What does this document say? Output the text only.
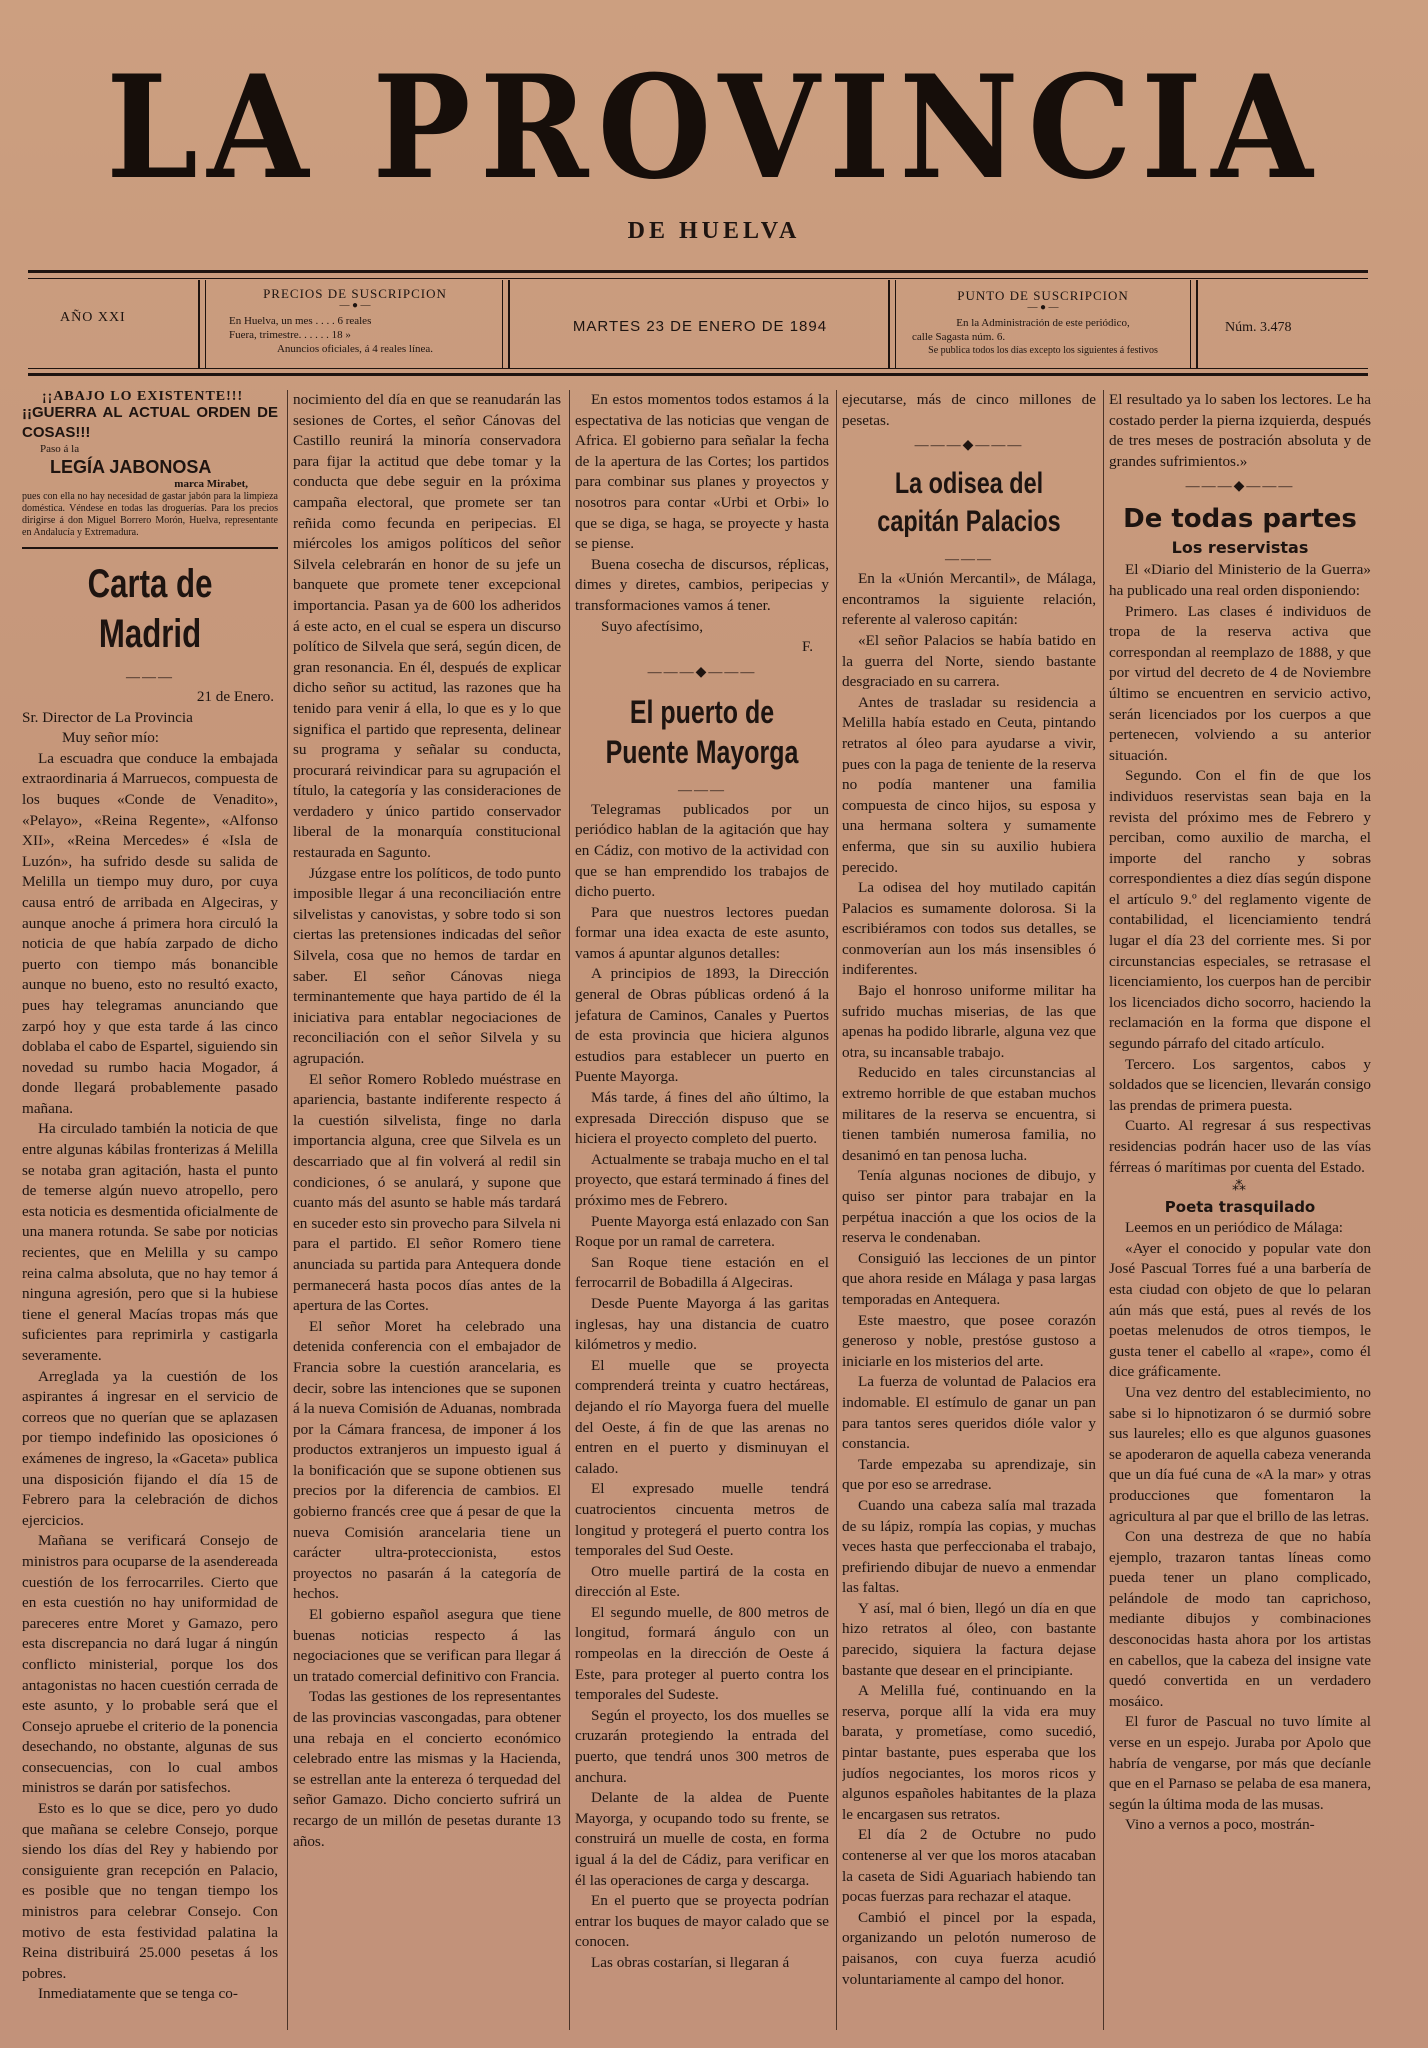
LA PROVINCIA
DE HUELVA
AÑO XXI
PRECIOS DE SUSCRIPCION
— ● —
En Huelva, un mes . . . . 6 reales
Fuera, trimestre. . . . . . 18 »
Anuncios oficiales, á 4 reales línea.
MARTES 23 DE ENERO DE 1894
PUNTO DE SUSCRIPCION
— ● —
En la Administración de este periódico,
calle Sagasta núm. 6.
Se publica todos los días excepto los siguientes á festivos
Núm. 3.478
¡¡ABAJO LO EXISTENTE!!!
¡¡GUERRA AL ACTUAL ORDEN DE COSAS!!!
Paso á la
LEGÍA JABONOSA
marca Mirabet,
pues con ella no hay necesidad de gastar jabón para la limpieza doméstica. Véndese en todas las droguerías. Para los precios dirigirse á don Miguel Borrero Morón, Huelva, representante en Andalucía y Extremadura.
Carta de Madrid
———

21 de Enero.

Sr. Director de La Provincia

Muy señor mío:

La escuadra que conduce la embajada extraordinaria á Marruecos, compuesta de los buques «Conde de Venadito», «Pelayo», «Reina Regente», «Alfonso XII», «Reina Mercedes» é «Isla de Luzón», ha sufrido desde su salida de Melilla un tiempo muy duro, por cuya causa entró de arribada en Algeciras, y aunque anoche á primera hora circuló la noticia de que había zarpado de dicho puerto con tiempo más bonancible aunque no bueno, esto no resultó exacto, pues hay telegramas anunciando que zarpó hoy y que esta tarde á las cinco doblaba el cabo de Espartel, siguiendo sin novedad su rumbo hacia Mogador, á donde llegará probablemente pasado mañana.

Ha circulado también la noticia de que entre algunas kábilas fronterizas á Melilla se notaba gran agitación, hasta el punto de temerse algún nuevo atropello, pero esta noticia es desmentida oficialmente de una manera rotunda. Se sabe por noticias recientes, que en Melilla y su campo reina calma absoluta, que no hay temor á ninguna agresión, pero que si la hubiese tiene el general Macías tropas más que suficientes para reprimirla y castigarla severamente.

Arreglada ya la cuestión de los aspirantes á ingresar en el servicio de correos que no querían que se aplazasen por tiempo indefinido las oposiciones ó exámenes de ingreso, la «Gaceta» publica una disposición fijando el día 15 de Febrero para la celebración de dichos ejercicios.

Mañana se verificará Consejo de ministros para ocuparse de la asendereada cuestión de los ferrocarriles. Cierto que en esta cuestión no hay uniformidad de pareceres entre Moret y Gamazo, pero esta discrepancia no dará lugar á ningún conflicto ministerial, porque los dos antagonistas no hacen cuestión cerrada de este asunto, y lo probable será que el Consejo apruebe el criterio de la ponencia desechando, no obstante, algunas de sus consecuencias, con lo cual ambos ministros se darán por satisfechos.

Esto es lo que se dice, pero yo dudo que mañana se celebre Consejo, porque siendo los días del Rey y habiendo por consiguiente gran recepción en Palacio, es posible que no tengan tiempo los ministros para celebrar Consejo. Con motivo de esta festividad palatina la Reina distribuirá 25.000 pesetas á los pobres.

Inmediatamente que se tenga co-

nocimiento del día en que se reanudarán las sesiones de Cortes, el señor Cánovas del Castillo reunirá la minoría conservadora para fijar la actitud que debe tomar y la conducta que debe seguir en la próxima campaña electoral, que promete ser tan reñida como fecunda en peripecias. El miércoles los amigos políticos del señor Silvela celebrarán en honor de su jefe un banquete que promete tener excepcional importancia. Pasan ya de 600 los adheridos á este acto, en el cual se espera un discurso político de Silvela que será, según dicen, de gran resonancia. En él, después de explicar dicho señor su actitud, las razones que ha tenido para venir á ella, lo que es y lo que significa el partido que representa, delinear su programa y señalar su conducta, procurará reivindicar para su agrupación el título, la categoría y las consideraciones de verdadero y único partido conservador liberal de la monarquía constitucional restaurada en Sagunto.

Júzgase entre los políticos, de todo punto imposible llegar á una reconciliación entre silvelistas y canovistas, y sobre todo si son ciertas las pretensiones indicadas del señor Silvela, cosa que no hemos de tardar en saber. El señor Cánovas niega terminantemente que haya partido de él la iniciativa para entablar negociaciones de reconciliación con el señor Silvela y su agrupación.

El señor Romero Robledo muéstrase en apariencia, bastante indiferente respecto á la cuestión silvelista, finge no darla importancia alguna, cree que Silvela es un descarriado que al fin volverá al redil sin condiciones, ó se anulará, y supone que cuanto más del asunto se hable más tardará en suceder esto sin provecho para Silvela ni para el partido. El señor Romero tiene anunciada su partida para Antequera donde permanecerá hasta pocos días antes de la apertura de las Cortes.

El señor Moret ha celebrado una detenida conferencia con el embajador de Francia sobre la cuestión arancelaria, es decir, sobre las intenciones que se suponen á la nueva Comisión de Aduanas, nombrada por la Cámara francesa, de imponer á los productos extranjeros un impuesto igual á la bonificación que se supone obtienen sus precios por la diferencia de cambios. El gobierno francés cree que á pesar de que la nueva Comisión arancelaria tiene un carácter ultra-proteccionista, estos proyectos no pasarán á la categoría de hechos.

El gobierno español asegura que tiene buenas noticias respecto á las negociaciones que se verifican para llegar á un tratado comercial definitivo con Francia.

Todas las gestiones de los representantes de las provincias vascongadas, para obtener una rebaja en el concierto económico celebrado entre las mismas y la Hacienda, se estrellan ante la entereza ó terquedad del señor Gamazo. Dicho concierto sufrirá un recargo de un millón de pesetas durante 13 años.

En estos momentos todos estamos á la espectativa de las noticias que vengan de Africa. El gobierno para señalar la fecha de la apertura de las Cortes; los partidos para combinar sus planes y proyectos y nosotros para contar «Urbi et Orbi» lo que se diga, se haga, se proyecte y hasta se piense.

Buena cosecha de discursos, réplicas, dimes y diretes, cambios, peripecias y transformaciones vamos á tener.

Suyo afectísimo,

F.

———◆———
El puerto de Puente Mayorga
———

Telegramas publicados por un periódico hablan de la agitación que hay en Cádiz, con motivo de la actividad con que se han emprendido los trabajos de dicho puerto.

Para que nuestros lectores puedan formar una idea exacta de este asunto, vamos á apuntar algunos detalles:

A principios de 1893, la Dirección general de Obras públicas ordenó á la jefatura de Caminos, Canales y Puertos de esta provincia que hiciera algunos estudios para establecer un puerto en Puente Mayorga.

Más tarde, á fines del año último, la expresada Dirección dispuso que se hiciera el proyecto completo del puerto.

Actualmente se trabaja mucho en el tal proyecto, que estará terminado á fines del próximo mes de Febrero.

Puente Mayorga está enlazado con San Roque por un ramal de carretera.

San Roque tiene estación en el ferrocarril de Bobadilla á Algeciras.

Desde Puente Mayorga á las garitas inglesas, hay una distancia de cuatro kilómetros y medio.

El muelle que se proyecta comprenderá treinta y cuatro hectáreas, dejando el río Mayorga fuera del muelle del Oeste, á fin de que las arenas no entren en el puerto y disminuyan el calado.

El expresado muelle tendrá cuatrocientos cincuenta metros de longitud y protegerá el puerto contra los temporales del Sud Oeste.

Otro muelle partirá de la costa en dirección al Este.

El segundo muelle, de 800 metros de longitud, formará ángulo con un rompeolas en la dirección de Oeste á Este, para proteger al puerto contra los temporales del Sudeste.

Según el proyecto, los dos muelles se cruzarán protegiendo la entrada del puerto, que tendrá unos 300 metros de anchura.

Delante de la aldea de Puente Mayorga, y ocupando todo su frente, se construirá un muelle de costa, en forma igual á la del de Cádiz, para verificar en él las operaciones de carga y descarga.

En el puerto que se proyecta podrían entrar los buques de mayor calado que se conocen.

Las obras costarían, si llegaran á

ejecutarse, más de cinco millones de pesetas.

———◆———
La odisea del capitán Palacios
———

En la «Unión Mercantil», de Málaga, encontramos la siguiente relación, referente al valeroso capitán:

«El señor Palacios se había batido en la guerra del Norte, siendo bastante desgraciado en su carrera.

Antes de trasladar su residencia a Melilla había estado en Ceuta, pintando retratos al óleo para ayudarse a vivir, pues con la paga de teniente de la reserva no podía mantener una familia compuesta de cinco hijos, su esposa y una hermana soltera y sumamente enferma, que sin su auxilio hubiera perecido.

La odisea del hoy mutilado capitán Palacios es sumamente dolorosa. Si la escribiéramos con todos sus detalles, se conmoverían aun los más insensibles ó indiferentes.

Bajo el honroso uniforme militar ha sufrido muchas miserias, de las que apenas ha podido librarle, alguna vez que otra, su incansable trabajo.

Reducido en tales circunstancias al extremo horrible de que estaban muchos militares de la reserva se encuentra, si tienen también numerosa familia, no desanimó en tan penosa lucha.

Tenía algunas nociones de dibujo, y quiso ser pintor para trabajar en la perpétua inacción a que los ocios de la reserva le condenaban.

Consiguió las lecciones de un pintor que ahora reside en Málaga y pasa largas temporadas en Antequera.

Este maestro, que posee corazón generoso y noble, prestóse gustoso a iniciarle en los misterios del arte.

La fuerza de voluntad de Palacios era indomable. El estímulo de ganar un pan para tantos seres queridos dióle valor y constancia.

Tarde empezaba su aprendizaje, sin que por eso se arredrase.

Cuando una cabeza salía mal trazada de su lápiz, rompía las copias, y muchas veces hasta que perfeccionaba el trabajo, prefiriendo dibujar de nuevo a enmendar las faltas.

Y así, mal ó bien, llegó un día en que hizo retratos al óleo, con bastante parecido, siquiera la factura dejase bastante que desear en el principiante.

A Melilla fué, continuando en la reserva, porque allí la vida era muy barata, y prometíase, como sucedió, pintar bastante, pues esperaba que los judíos negociantes, los moros ricos y algunos españoles habitantes de la plaza le encargasen sus retratos.

El día 2 de Octubre no pudo contenerse al ver que los moros atacaban la caseta de Sidi Aguariach habiendo tan pocas fuerzas para rechazar el ataque.

Cambió el pincel por la espada, organizando un pelotón numeroso de paisanos, con cuya fuerza acudió voluntariamente al campo del honor.

El resultado ya lo saben los lectores. Le ha costado perder la pierna izquierda, después de tres meses de postración absoluta y de grandes sufrimientos.»

———◆———
De todas partes
Los reservistas

El «Diario del Ministerio de la Guerra» ha publicado una real orden disponiendo:

Primero. Las clases é individuos de tropa de la reserva activa que correspondan al reemplazo de 1888, y que por virtud del decreto de 4 de Noviembre último se encuentren en servicio activo, serán licenciados por los cuerpos a que pertenecen, volviendo a su anterior situación.

Segundo. Con el fin de que los individuos reservistas sean baja en la revista del próximo mes de Febrero y perciban, como auxilio de marcha, el importe del rancho y sobras correspondientes a diez días según dispone el artículo 9.º del reglamento vigente de contabilidad, el licenciamiento tendrá lugar el día 23 del corriente mes. Si por circunstancias especiales, se retrasase el licenciamiento, los cuerpos han de percibir los licenciados dicho socorro, haciendo la reclamación en la forma que dispone el segundo párrafo del citado artículo.

Tercero. Los sargentos, cabos y soldados que se licencien, llevarán consigo las prendas de primera puesta.

Cuarto. Al regresar á sus respectivas residencias podrán hacer uso de las vías férreas ó marítimas por cuenta del Estado.

⁂
Poeta trasquilado

Leemos en un periódico de Málaga:

«Ayer el conocido y popular vate don José Pascual Torres fué a una barbería de esta ciudad con objeto de que lo pelaran aún más que está, pues al revés de los poetas melenudos de otros tiempos, le gusta tener el cabello al «rape», como él dice gráficamente.

Una vez dentro del establecimiento, no sabe si lo hipnotizaron ó se durmió sobre sus laureles; ello es que algunos guasones se apoderaron de aquella cabeza veneranda que un día fué cuna de «A la mar» y otras producciones que fomentaron la agricultura al par que el brillo de las letras.

Con una destreza de que no había ejemplo, trazaron tantas líneas como pueda tener un plano complicado, pelándole de modo tan caprichoso, mediante dibujos y combinaciones desconocidas hasta ahora por los artistas en cabellos, que la cabeza del insigne vate quedó convertida en un verdadero mosáico.

El furor de Pascual no tuvo límite al verse en un espejo. Juraba por Apolo que habría de vengarse, por más que decíanle que en el Parnaso se pelaba de esa manera, según la última moda de las musas.

Vino a vernos a poco, mostrán-
